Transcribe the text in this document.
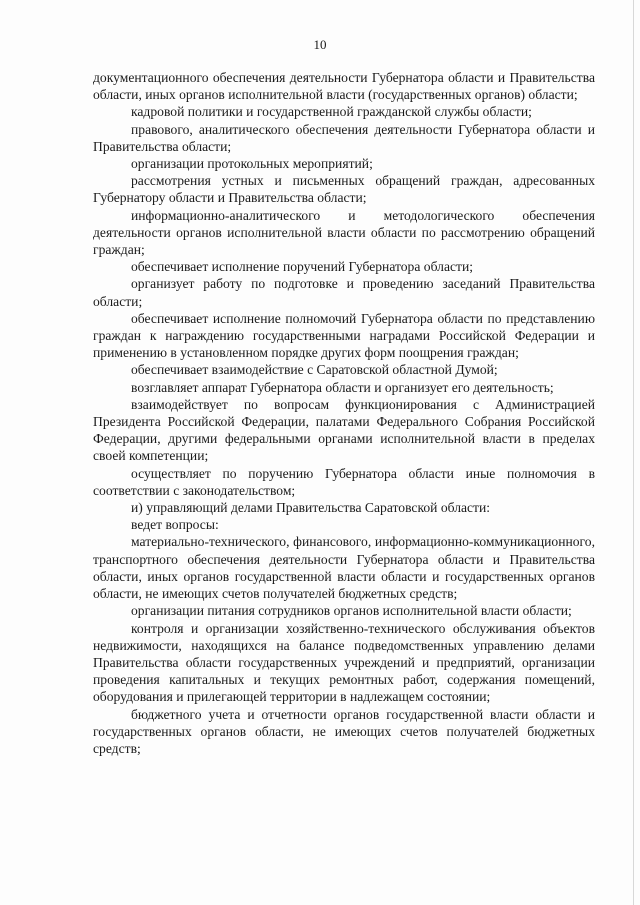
10

документационного обеспечения деятельности Губернатора области и Правительства области, иных органов исполнительной власти (государственных органов) области;

кадровой политики и государственной гражданской службы области;

правового, аналитического обеспечения деятельности Губернатора области и Правительства области;

организации протокольных мероприятий;

рассмотрения устных и письменных обращений граждан, адресованных Губернатору области и Правительства области;

информационно-аналитического и методологического обеспечения деятельности органов исполнительной власти области по рассмотрению обращений граждан;

обеспечивает исполнение поручений Губернатора области;

организует работу по подготовке и проведению заседаний Правительства области;

обеспечивает исполнение полномочий Губернатора области по представлению граждан к награждению государственными наградами Российской Федерации и применению в установленном порядке других форм поощрения граждан;

обеспечивает взаимодействие с Саратовской областной Думой;

возглавляет аппарат Губернатора области и организует его деятельность;

взаимодействует по вопросам функционирования с Администрацией Президента Российской Федерации, палатами Федерального Собрания Российской Федерации, другими федеральными органами исполнительной власти в пределах своей компетенции;

осуществляет по поручению Губернатора области иные полномочия в соответствии с законодательством;

и) управляющий делами Правительства Саратовской области:

ведет вопросы:

материально-технического, финансового, информационно-коммуникационного, транспортного обеспечения деятельности Губернатора области и Правительства области, иных органов государственной власти области и государственных органов области, не имеющих счетов получателей бюджетных средств;

организации питания сотрудников органов исполнительной власти области;

контроля и организации хозяйственно-технического обслуживания объектов недвижимости, находящихся на балансе подведомственных управлению делами Правительства области государственных учреждений и предприятий, организации проведения капитальных и текущих ремонтных работ, содержания помещений, оборудования и прилегающей территории в надлежащем состоянии;

бюджетного учета и отчетности органов государственной власти области и государственных органов области, не имеющих счетов получателей бюджетных средств;
